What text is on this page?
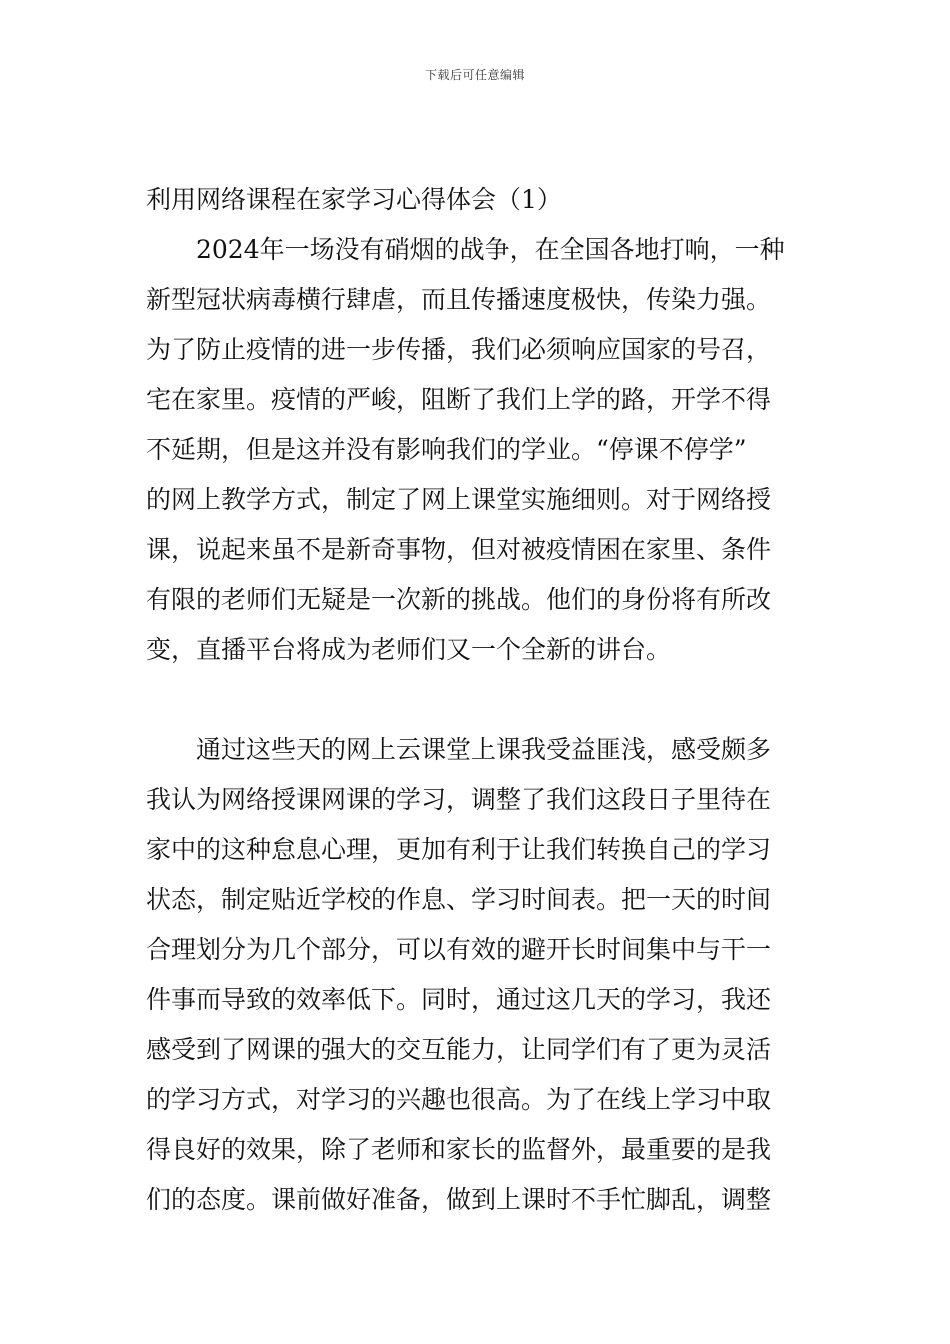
下载后可任意编辑
利用网络课程在家学习心得体会（1）
2024年一场没有硝烟的战争，在全国各地打响，一种
新型冠状病毒横行肆虐，而且传播速度极快，传染力强。
为了防止疫情的进一步传播，我们必须响应国家的号召，
宅在家里。疫情的严峻，阻断了我们上学的路，开学不得
不延期，但是这并没有影响我们的学业。“停课不停学”
的网上教学方式，制定了网上课堂实施细则。对于网络授
课，说起来虽不是新奇事物，但对被疫情困在家里、条件
有限的老师们无疑是一次新的挑战。他们的身份将有所改
变，直播平台将成为老师们又一个全新的讲台。
通过这些天的网上云课堂上课我受益匪浅，感受颇多
我认为网络授课网课的学习，调整了我们这段日子里待在
家中的这种怠息心理，更加有利于让我们转换自己的学习
状态，制定贴近学校的作息、学习时间表。把一天的时间
合理划分为几个部分，可以有效的避开长时间集中与干一
件事而导致的效率低下。同时，通过这几天的学习，我还
感受到了网课的强大的交互能力，让同学们有了更为灵活
的学习方式，对学习的兴趣也很高。为了在线上学习中取
得良好的效果，除了老师和家长的监督外，最重要的是我
们的态度。课前做好准备，做到上课时不手忙脚乱，调整
